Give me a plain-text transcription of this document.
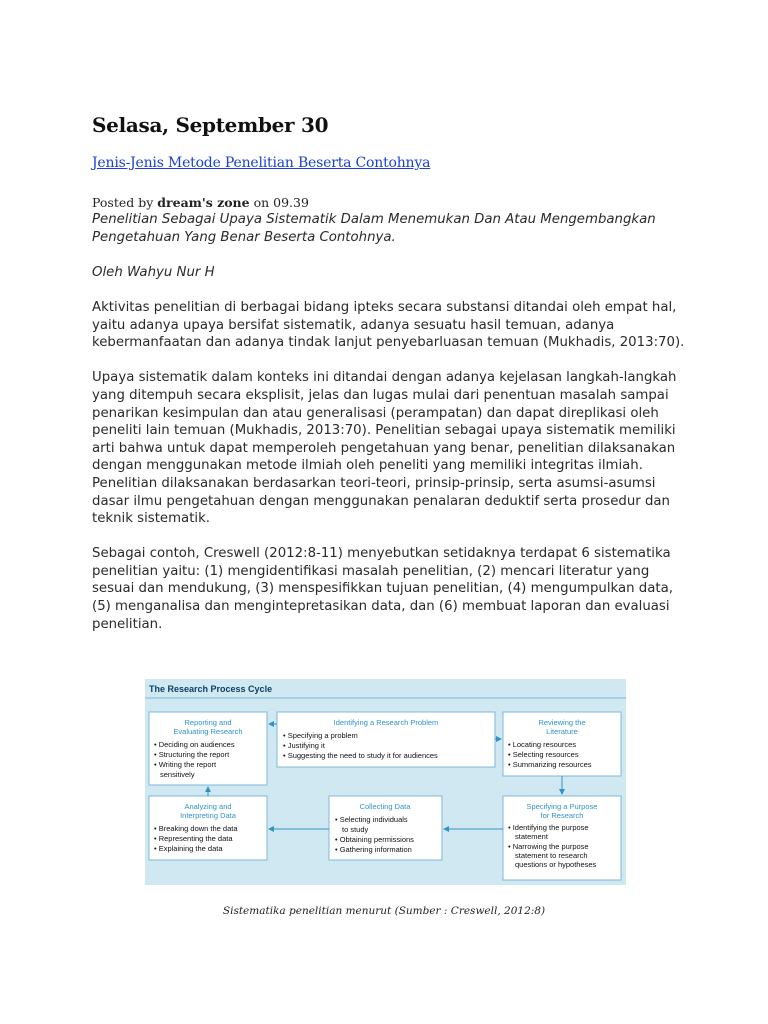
Selasa, September 30
Jenis-Jenis Metode Penelitian Beserta Contohnya

Posted by dream's zone on 09.39

Penelitian Sebagai Upaya Sistematik Dalam Menemukan Dan Atau Mengembangkan Pengetahuan Yang Benar Beserta Contohnya.

Oleh Wahyu Nur H

Aktivitas penelitian di berbagai bidang ipteks secara substansi ditandai oleh empat hal, yaitu adanya upaya bersifat sistematik, adanya sesuatu hasil temuan, adanya kebermanfaatan dan adanya tindak lanjut penyebarluasan temuan (Mukhadis, 2013:70).

Upaya sistematik dalam konteks ini ditandai dengan adanya kejelasan langkah-langkah yang ditempuh secara eksplisit, jelas dan lugas mulai dari penentuan masalah sampai penarikan kesimpulan dan atau generalisasi (perampatan) dan dapat direplikasi oleh peneliti lain temuan (Mukhadis, 2013:70). Penelitian sebagai upaya sistematik memiliki arti bahwa untuk dapat memperoleh pengetahuan yang benar, penelitian dilaksanakan dengan menggunakan metode ilmiah oleh peneliti yang memiliki integritas ilmiah. Penelitian dilaksanakan berdasarkan teori-teori, prinsip-prinsip, serta asumsi-asumsi dasar ilmu pengetahuan dengan menggunakan penalaran deduktif serta prosedur dan teknik sistematik.

Sebagai contoh, Creswell (2012:8-11) menyebutkan setidaknya terdapat 6 sistematika penelitian yaitu: (1) mengidentifikasi masalah penelitian, (2) mencari literatur yang sesuai dan mendukung, (3) menspesifikkan tujuan penelitian, (4) mengumpulkan data, (5) menganalisa dan mengintepretasikan data, dan (6) membuat laporan dan evaluasi penelitian.

The Research Process Cycle
Reporting and
Evaluating Research
• Deciding on audiences
• Structuring the report
• Writing the report
sensitively
Identifying a Research Problem
• Specifying a problem
• Justifying it
• Suggesting the need to study it for audiences
Reviewing the
Literature
• Locating resources
• Selecting resources
• Summarizing resources
Analyzing and
Interpreting Data
• Breaking down the data
• Representing the data
• Explaining the data
Collecting Data
• Selecting individuals
to study
• Obtaining permissions
• Gathering information
Specifying a Purpose
for Research
• Identifying the purpose
statement
• Narrowing the purpose
statement to research
questions or hypotheses

Sistematika penelitian menurut (Sumber : Creswell, 2012:8)
